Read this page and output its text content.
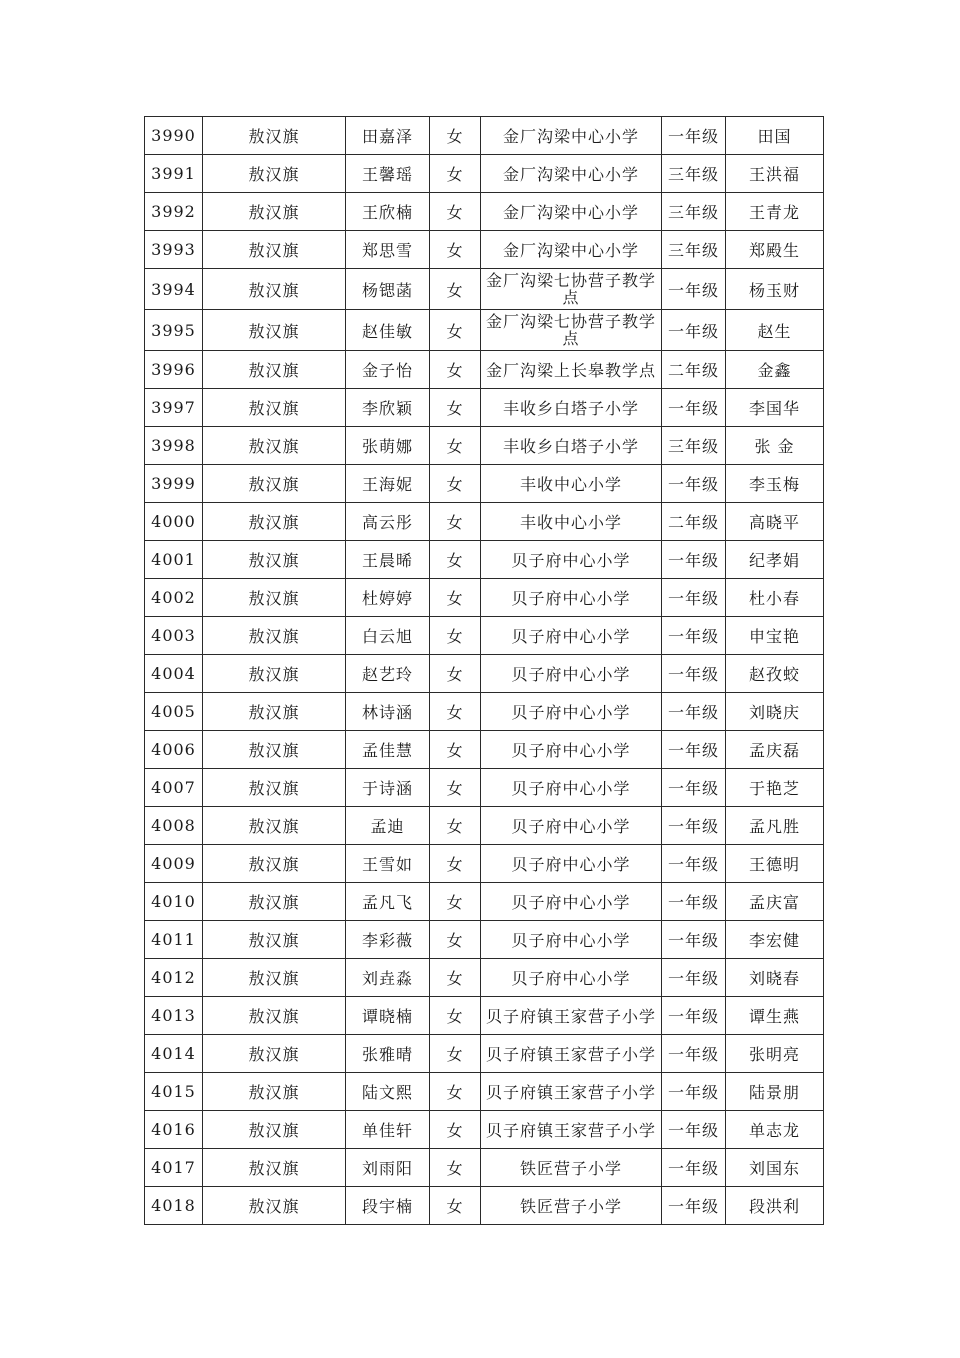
3990	敖汉旗	田嘉泽	女	金厂沟梁中心小学	一年级	田国
3991	敖汉旗	王馨瑶	女	金厂沟梁中心小学	三年级	王洪福
3992	敖汉旗	王欣楠	女	金厂沟梁中心小学	三年级	王青龙
3993	敖汉旗	郑思雪	女	金厂沟梁中心小学	三年级	郑殿生
3994	敖汉旗	杨锶菡	女	金厂沟梁七协营子教学点	一年级	杨玉财
3995	敖汉旗	赵佳敏	女	金厂沟梁七协营子教学点	一年级	赵生
3996	敖汉旗	金子怡	女	金厂沟梁上长皋教学点	二年级	金鑫
3997	敖汉旗	李欣颖	女	丰收乡白塔子小学	一年级	李国华
3998	敖汉旗	张萌娜	女	丰收乡白塔子小学	三年级	张 金
3999	敖汉旗	王海妮	女	丰收中心小学	一年级	李玉梅
4000	敖汉旗	高云彤	女	丰收中心小学	二年级	高晓平
4001	敖汉旗	王晨晞	女	贝子府中心小学	一年级	纪孝娟
4002	敖汉旗	杜婷婷	女	贝子府中心小学	一年级	杜小春
4003	敖汉旗	白云旭	女	贝子府中心小学	一年级	申宝艳
4004	敖汉旗	赵艺玲	女	贝子府中心小学	一年级	赵孜蛟
4005	敖汉旗	林诗涵	女	贝子府中心小学	一年级	刘晓庆
4006	敖汉旗	孟佳慧	女	贝子府中心小学	一年级	孟庆磊
4007	敖汉旗	于诗涵	女	贝子府中心小学	一年级	于艳芝
4008	敖汉旗	孟迪	女	贝子府中心小学	一年级	孟凡胜
4009	敖汉旗	王雪如	女	贝子府中心小学	一年级	王德明
4010	敖汉旗	孟凡飞	女	贝子府中心小学	一年级	孟庆富
4011	敖汉旗	李彩薇	女	贝子府中心小学	一年级	李宏健
4012	敖汉旗	刘垚淼	女	贝子府中心小学	一年级	刘晓春
4013	敖汉旗	谭晓楠	女	贝子府镇王家营子小学	一年级	谭生燕
4014	敖汉旗	张雅晴	女	贝子府镇王家营子小学	一年级	张明亮
4015	敖汉旗	陆文熙	女	贝子府镇王家营子小学	一年级	陆景朋
4016	敖汉旗	单佳轩	女	贝子府镇王家营子小学	一年级	单志龙
4017	敖汉旗	刘雨阳	女	铁匠营子小学	一年级	刘国东
4018	敖汉旗	段宇楠	女	铁匠营子小学	一年级	段洪利
